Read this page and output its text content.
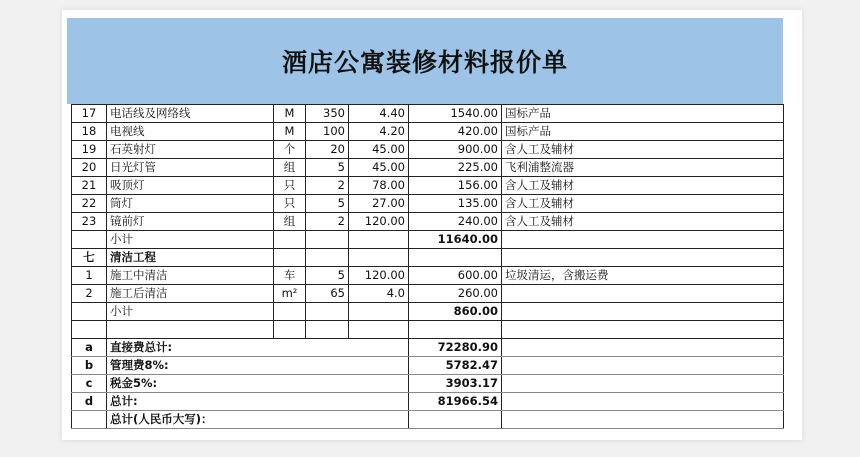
酒店公寓装修材料报价单
17	电话线及网络线	M	350	4.40	1540.00	国标产品
18	电视线	M	100	4.20	420.00	国标产品
19	石英射灯	个	20	45.00	900.00	含人工及辅材
20	日光灯管	组	5	45.00	225.00	飞利浦整流器
21	吸顶灯	只	2	78.00	156.00	含人工及辅材
22	筒灯	只	5	27.00	135.00	含人工及辅材
23	镜前灯	组	2	120.00	240.00	含人工及辅材
	小计				11640.00	
七	清洁工程					
1	施工中清洁	车	5	120.00	600.00	垃圾清运，含搬运费
2	施工后清洁	m²	65	4.0	260.00	
	小计				860.00	

a	直接费总计:				72280.90	
b	管理费8%:				5782.47	
c	税金5%:				3903.17	
d	总计:				81966.54	
	总计(人民币大写)：					
